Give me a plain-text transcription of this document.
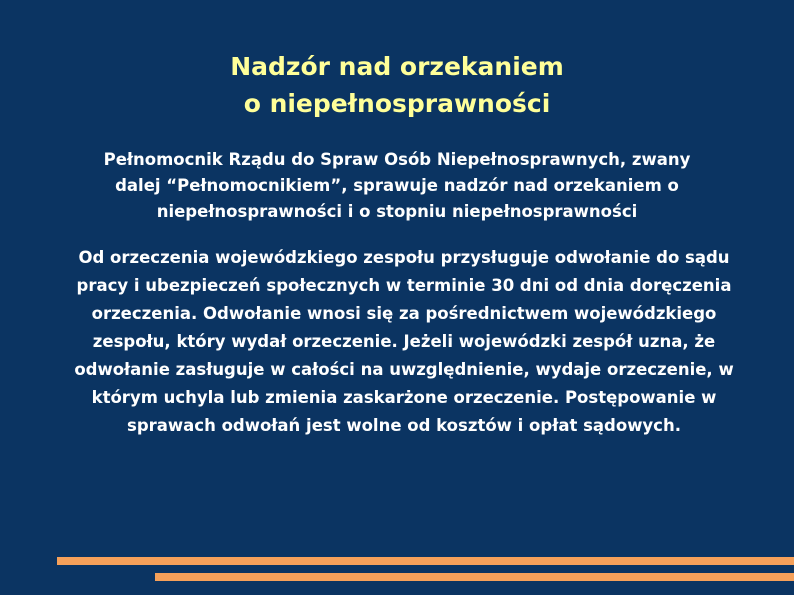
Nadzór nad orzekaniem
o niepełnosprawności
Pełnomocnik Rządu do Spraw Osób Niepełnosprawnych, zwany
dalej “Pełnomocnikiem”, sprawuje nadzór nad orzekaniem o
niepełnosprawności i o stopniu niepełnosprawności
Od orzeczenia wojewódzkiego zespołu przysługuje odwołanie do sądu
pracy i ubezpieczeń społecznych w terminie 30 dni od dnia doręczenia
orzeczenia. Odwołanie wnosi się za pośrednictwem wojewódzkiego
zespołu, który wydał orzeczenie. Jeżeli wojewódzki zespół uzna, że
odwołanie zasługuje w całości na uwzględnienie, wydaje orzeczenie, w
którym uchyla lub zmienia zaskarżone orzeczenie. Postępowanie w
sprawach odwołań jest wolne od kosztów i opłat sądowych.
